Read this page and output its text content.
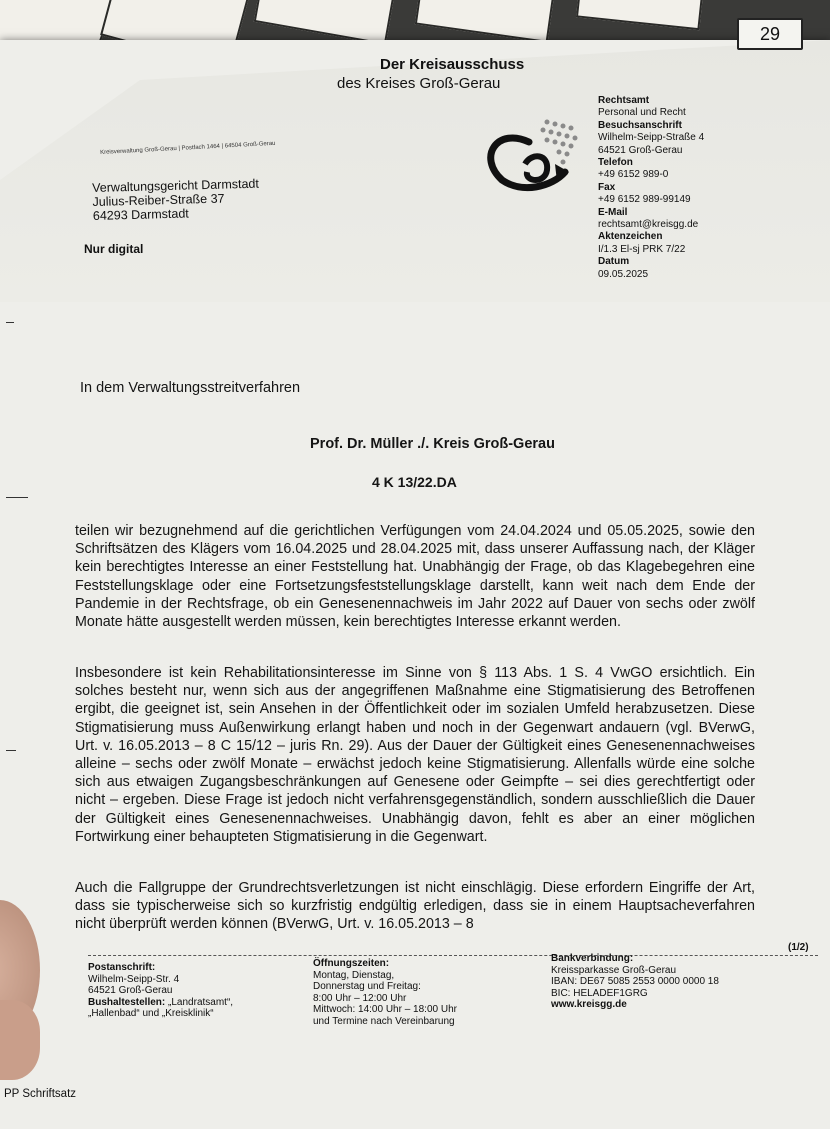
29
Der Kreisausschuss
des Kreises Groß-Gerau
Rechtsamt
Personal und Recht
Besuchsanschrift
Wilhelm-Seipp-Straße 4
64521 Groß-Gerau
Telefon
+49 6152 989-0
Fax
+49 6152 989-99149
E-Mail
rechtsamt@kreisgg.de
Aktenzeichen
I/1.3 El-sj PRK 7/22
Datum
09.05.2025
Kreisverwaltung Groß-Gerau | Postfach 1464 | 64504 Groß-Gerau
Verwaltungsgericht Darmstadt
Julius-Reiber-Straße 37
64293 Darmstadt
Nur digital
In dem Verwaltungsstreitverfahren
Prof. Dr. Müller ./. Kreis Groß-Gerau
4 K 13/22.DA

teilen wir bezugnehmend auf die gerichtlichen Verfügungen vom 24.04.2024 und 05.05.2025, sowie den Schriftsätzen des Klägers vom 16.04.2025 und 28.04.2025 mit, dass unserer Auffassung nach, der Kläger kein berechtigtes Interesse an einer Feststellung hat. Unabhängig der Frage, ob das Klagebegehren eine Feststellungsklage oder eine Fortsetzungsfeststellungsklage darstellt, kann weit nach dem Ende der Pandemie in der Rechtsfrage, ob ein Genesenennachweis im Jahr 2022 auf Dauer von sechs oder zwölf Monate hätte ausgestellt werden müssen, kein berechtigtes Interesse erkannt werden.

Insbesondere ist kein Rehabilitationsinteresse im Sinne von § 113 Abs. 1 S. 4 VwGO ersichtlich. Ein solches besteht nur, wenn sich aus der angegriffenen Maßnahme eine Stigmatisierung des Betroffenen ergibt, die geeignet ist, sein Ansehen in der Öffentlichkeit oder im sozialen Umfeld herabzusetzen. Diese Stigmatisierung muss Außenwirkung erlangt haben und noch in der Gegenwart andauern (vgl. BVerwG, Urt. v. 16.05.2013 – 8 C 15/12 – juris Rn. 29). Aus der Dauer der Gültigkeit eines Genesenennachweises alleine – sechs oder zwölf Monate – erwächst jedoch keine Stigmatisierung. Allenfalls würde eine solche sich aus etwaigen Zugangsbeschränkungen auf Genesene oder Geimpfte – sei dies gerechtfertigt oder nicht – ergeben. Diese Frage ist jedoch nicht verfahrensgegenständlich, sondern ausschließlich die Dauer der Gültigkeit eines Genesenennachweises. Unabhängig davon, fehlt es aber an einer möglichen Fortwirkung einer behaupteten Stigmatisierung in die Gegenwart.

Auch die Fallgruppe der Grundrechtsverletzungen ist nicht einschlägig. Diese erfordern Eingriffe der Art, dass sie typischerweise sich so kurzfristig endgültig erledigen, dass sie in einem Hauptsacheverfahren nicht überprüft werden können (BVerwG, Urt. v. 16.05.2013 – 8

(1/2)
Postanschrift:
Wilhelm-Seipp-Str. 4
64521 Groß-Gerau
Bushaltestellen: „Landratsamt“,
„Hallenbad“ und „Kreisklinik“
Öffnungszeiten:
Montag, Dienstag,
Donnerstag und Freitag:
8:00 Uhr – 12:00 Uhr
Mittwoch: 14:00 Uhr – 18:00 Uhr
und Termine nach Vereinbarung
Bankverbindung:
Kreissparkasse Groß-Gerau
IBAN: DE67 5085 2553 0000 0000 18
BIC: HELADEF1GRG
www.kreisgg.de
PP Schriftsatz
